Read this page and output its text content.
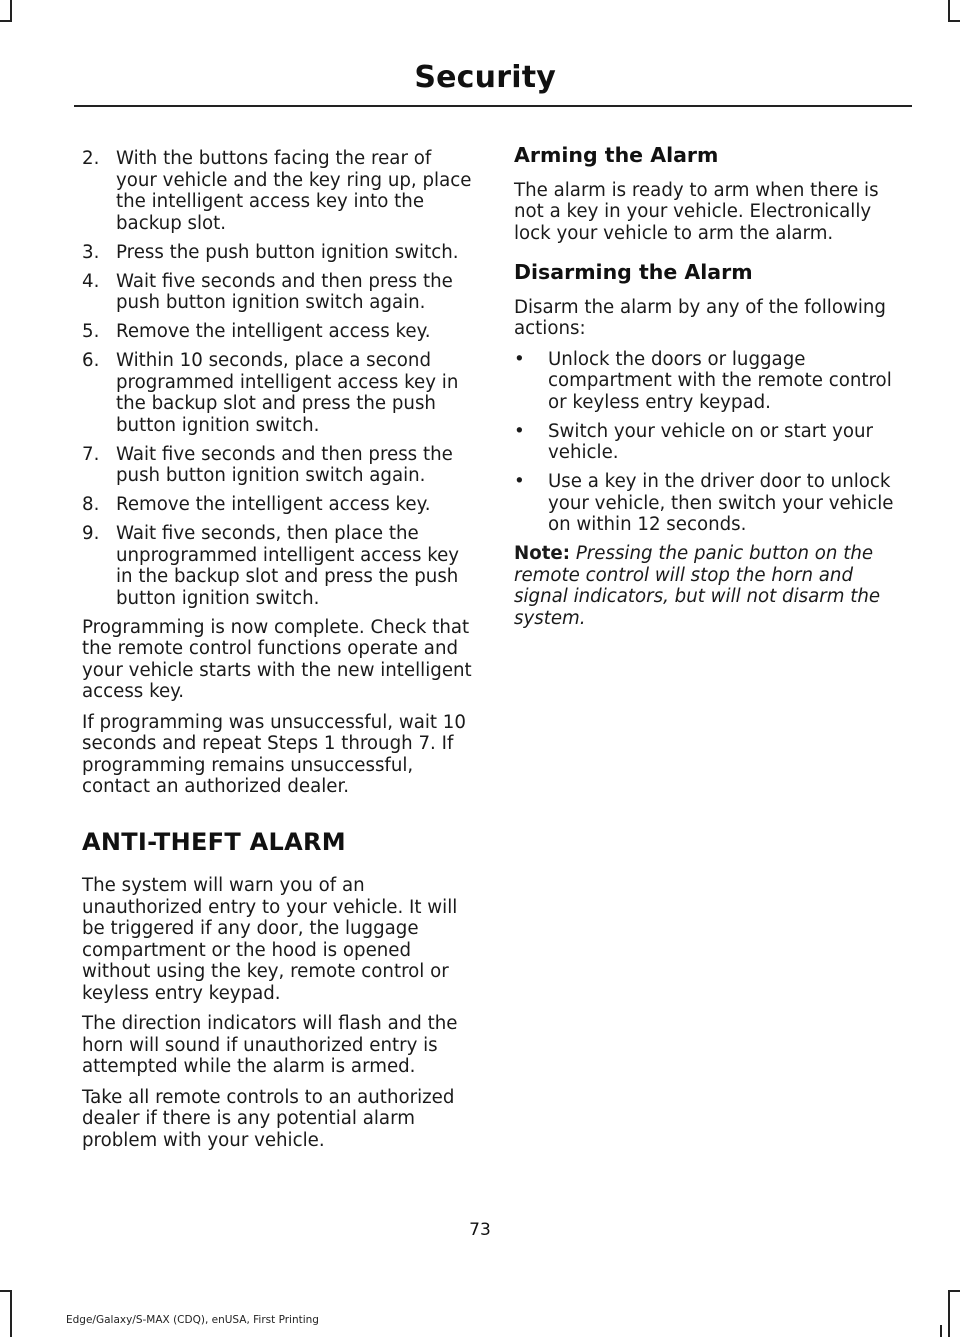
Security
2. With the buttons facing the rear of your vehicle and the key ring up, place the intelligent access key into the backup slot.
3. Press the push button ignition switch.
4. Wait five seconds and then press the push button ignition switch again.
5. Remove the intelligent access key.
6. Within 10 seconds, place a second programmed intelligent access key in the backup slot and press the push button ignition switch.
7. Wait five seconds and then press the push button ignition switch again.
8. Remove the intelligent access key.
9. Wait five seconds, then place the unprogrammed intelligent access key in the backup slot and press the push button ignition switch.

Programming is now complete. Check that the remote control functions operate and your vehicle starts with the new intelligent access key.

If programming was unsuccessful, wait 10 seconds and repeat Steps 1 through 7. If programming remains unsuccessful, contact an authorized dealer.

ANTI-THEFT ALARM

The system will warn you of an unauthorized entry to your vehicle. It will be triggered if any door, the luggage compartment or the hood is opened without using the key, remote control or keyless entry keypad.

The direction indicators will flash and the horn will sound if unauthorized entry is attempted while the alarm is armed.

Take all remote controls to an authorized dealer if there is any potential alarm problem with your vehicle.

Arming the Alarm

The alarm is ready to arm when there is not a key in your vehicle. Electronically lock your vehicle to arm the alarm.

Disarming the Alarm

Disarm the alarm by any of the following actions:

•	Unlock the doors or luggage compartment with the remote control or keyless entry keypad.
•	Switch your vehicle on or start your vehicle.
•	Use a key in the driver door to unlock your vehicle, then switch your vehicle on within 12 seconds.

Note: Pressing the panic button on the remote control will stop the horn and signal indicators, but will not disarm the system.

73
Edge/Galaxy/S-MAX (CDQ), enUSA, First Printing
